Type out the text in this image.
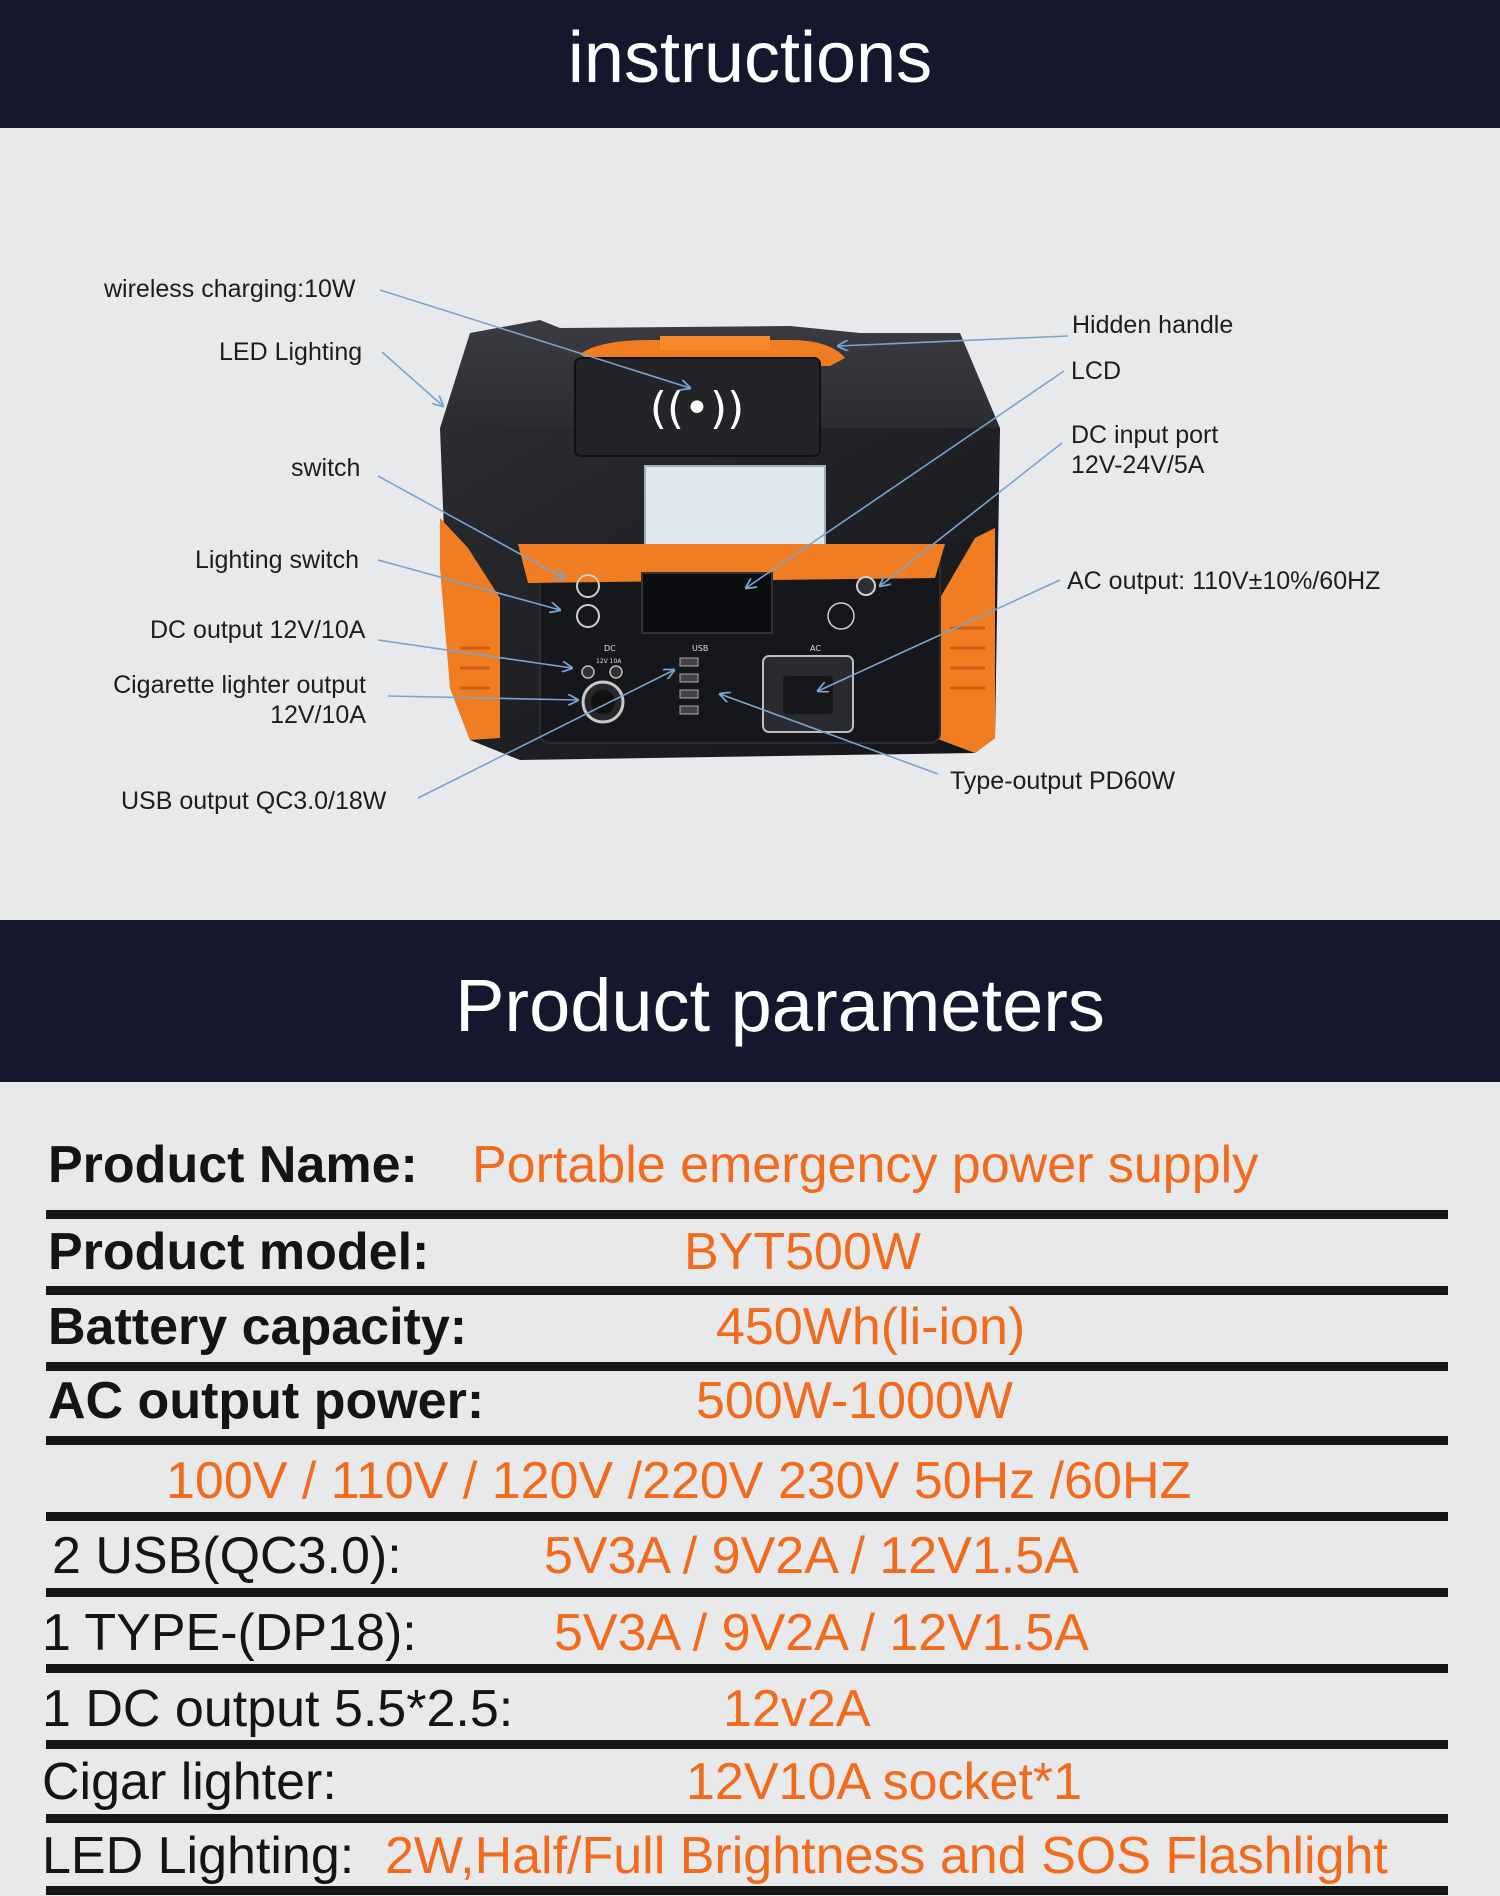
instructions
((•))
DC
12V 10A
USB	AC
wireless charging:10W
LED Lighting
switch
Lighting switch
DC output 12V/10A
Cigarette lighter output
12V/10A
USB output QC3.0/18W
Hidden handle
LCD
DC input port
12V-24V/5A
AC output: 110V±10%/60HZ
Type-output PD60W
Product parameters
Product Name: Portable emergency power supply
Product model:	BYT500W
Battery capacity:	450Wh(li-ion)
AC output power:	500W-1000W
100V / 110V / 120V /220V 230V 50Hz /60HZ
2 USB(QC3.0):	5V3A / 9V2A / 12V1.5A
1 TYPE-(DP18):	5V3A / 9V2A / 12V1.5A
1 DC output 5.5*2.5:	12v2A
Cigar lighter:	12V10A socket*1
LED Lighting: 2W,Half/Full Brightness and SOS Flashlight
